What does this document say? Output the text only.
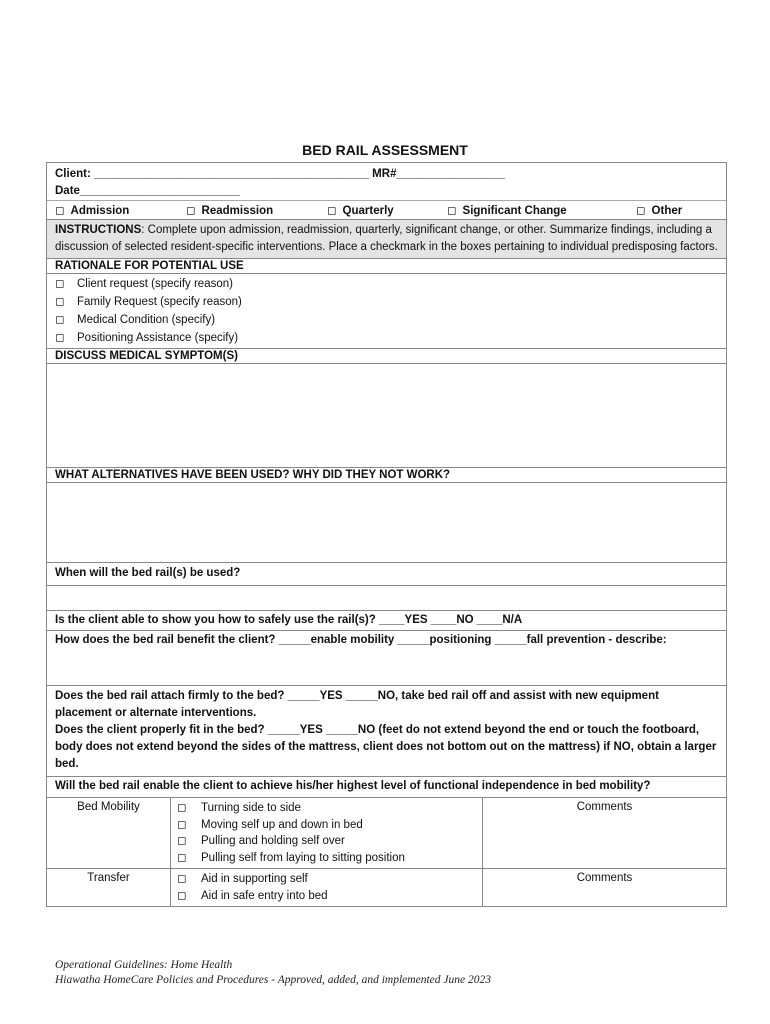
BED RAIL ASSESSMENT
Client: ___________________________________________ MR#_________________
Date_________________________
◻ Admission	◻ Readmission	◻ Quarterly	◻ Significant Change	◻ Other
INSTRUCTIONS: Complete upon admission, readmission, quarterly, significant change, or other. Summarize findings, including a discussion of selected resident-specific interventions. Place a checkmark in the boxes pertaining to individual predisposing factors.
RATIONALE FOR POTENTIAL USE
◻	Client request (specify reason)
◻	Family Request (specify reason)
◻	Medical Condition (specify)
◻	Positioning Assistance (specify)
DISCUSS MEDICAL SYMPTOM(S)
WHAT ALTERNATIVES HAVE BEEN USED? WHY DID THEY NOT WORK?
When will the bed rail(s) be used?
Is the client able to show you how to safely use the rail(s)? ____YES ____NO ____N/A
How does the bed rail benefit the client? _____enable mobility _____positioning _____fall prevention - describe:
Does the bed rail attach firmly to the bed? _____YES _____NO, take bed rail off and assist with new equipment placement or alternate interventions.
Does the client properly fit in the bed? _____YES _____NO (feet do not extend beyond the end or touch the footboard, body does not extend beyond the sides of the mattress, client does not bottom out on the mattress) if NO, obtain a larger bed.
Will the bed rail enable the client to achieve his/her highest level of functional independence in bed mobility?
Bed Mobility	◻	Turning side to side
◻	Moving self up and down in bed
◻	Pulling and holding self over
◻	Pulling self from laying to sitting position
Comments
Transfer	◻	Aid in supporting self
◻	Aid in safe entry into bed
Comments
Operational Guidelines: Home Health
Hiawatha HomeCare Policies and Procedures - Approved, added, and implemented June 2023
